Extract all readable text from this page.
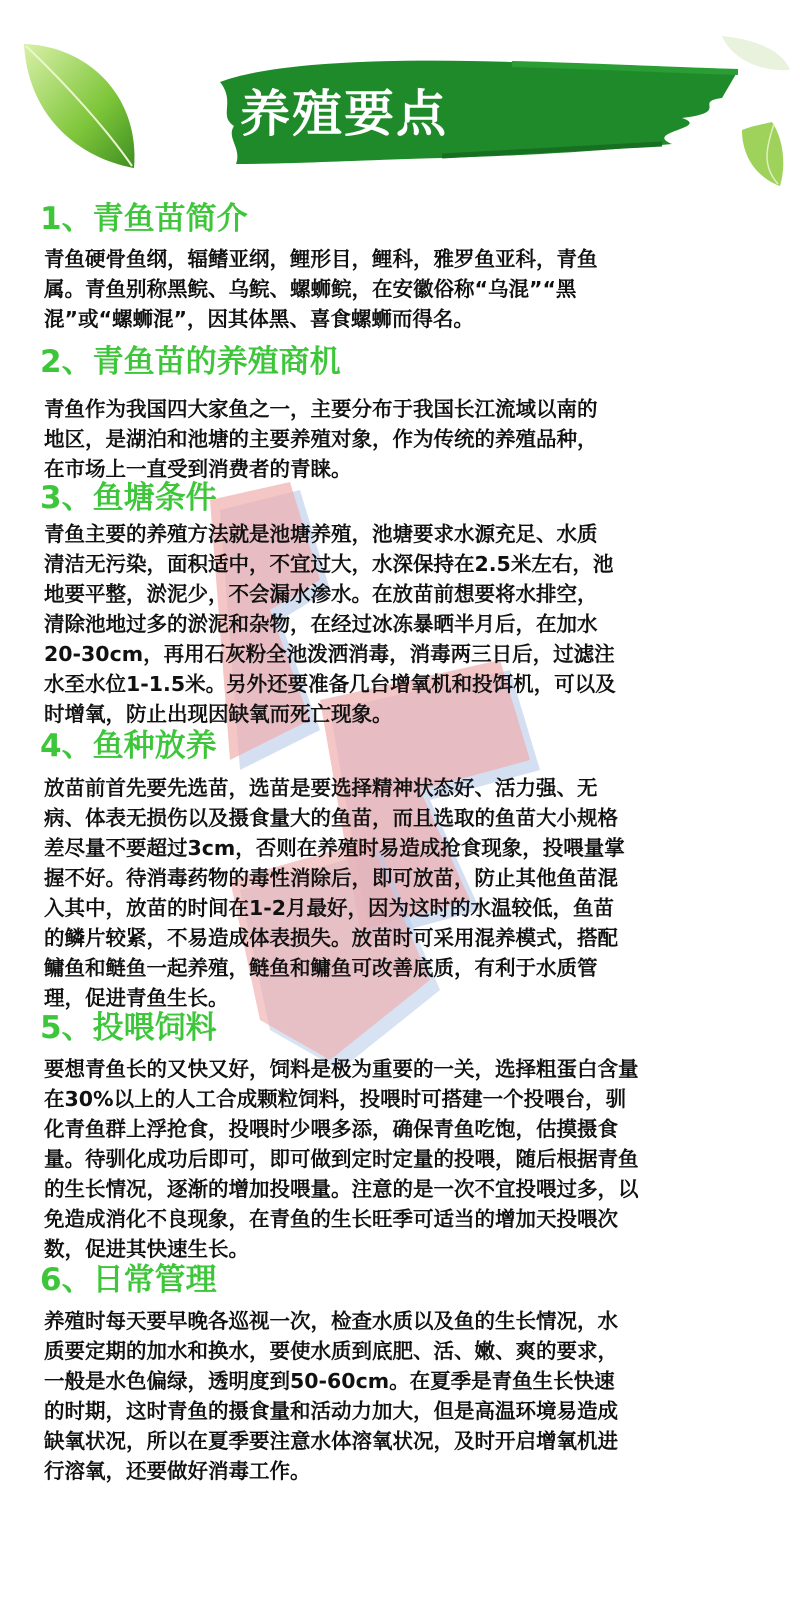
养殖要点
1、青鱼苗简介
青鱼硬骨鱼纲，辐鳍亚纲，鲤形目，鲤科，雅罗鱼亚科，青鱼
属。青鱼别称黑鲩、乌鲩、螺蛳鲩，在安徽俗称“乌混”“黑
混”或“螺蛳混”，因其体黑、喜食螺蛳而得名。
2、青鱼苗的养殖商机
青鱼作为我国四大家鱼之一，主要分布于我国长江流域以南的
地区，是湖泊和池塘的主要养殖对象，作为传统的养殖品种，
在市场上一直受到消费者的青睐。
3、鱼塘条件
青鱼主要的养殖方法就是池塘养殖，池塘要求水源充足、水质
清洁无污染，面积适中，不宜过大，水深保持在2.5米左右，池
地要平整，淤泥少，不会漏水渗水。在放苗前想要将水排空，
清除池地过多的淤泥和杂物，在经过冰冻暴晒半月后，在加水
20-30cm，再用石灰粉全池泼洒消毒，消毒两三日后，过滤注
水至水位1-1.5米。另外还要准备几台增氧机和投饵机，可以及
时增氧，防止出现因缺氧而死亡现象。
4、鱼种放养
放苗前首先要先选苗，选苗是要选择精神状态好、活力强、无
病、体表无损伤以及摄食量大的鱼苗，而且选取的鱼苗大小规格
差尽量不要超过3cm，否则在养殖时易造成抢食现象，投喂量掌
握不好。待消毒药物的毒性消除后，即可放苗，防止其他鱼苗混
入其中，放苗的时间在1-2月最好，因为这时的水温较低，鱼苗
的鳞片较紧，不易造成体表损失。放苗时可采用混养模式，搭配
鳙鱼和鲢鱼一起养殖，鲢鱼和鳙鱼可改善底质，有利于水质管
理，促进青鱼生长。
5、投喂饲料
要想青鱼长的又快又好，饲料是极为重要的一关，选择粗蛋白含量
在30%以上的人工合成颗粒饲料，投喂时可搭建一个投喂台，驯
化青鱼群上浮抢食，投喂时少喂多添，确保青鱼吃饱，估摸摄食
量。待驯化成功后即可，即可做到定时定量的投喂，随后根据青鱼
的生长情况，逐渐的增加投喂量。注意的是一次不宜投喂过多，以
免造成消化不良现象，在青鱼的生长旺季可适当的增加天投喂次
数，促进其快速生长。
6、日常管理
养殖时每天要早晚各巡视一次，检查水质以及鱼的生长情况，水
质要定期的加水和换水，要使水质到底肥、活、嫩、爽的要求，
一般是水色偏绿，透明度到50-60cm。在夏季是青鱼生长快速
的时期，这时青鱼的摄食量和活动力加大，但是高温环境易造成
缺氧状况，所以在夏季要注意水体溶氧状况，及时开启增氧机进
行溶氧，还要做好消毒工作。
